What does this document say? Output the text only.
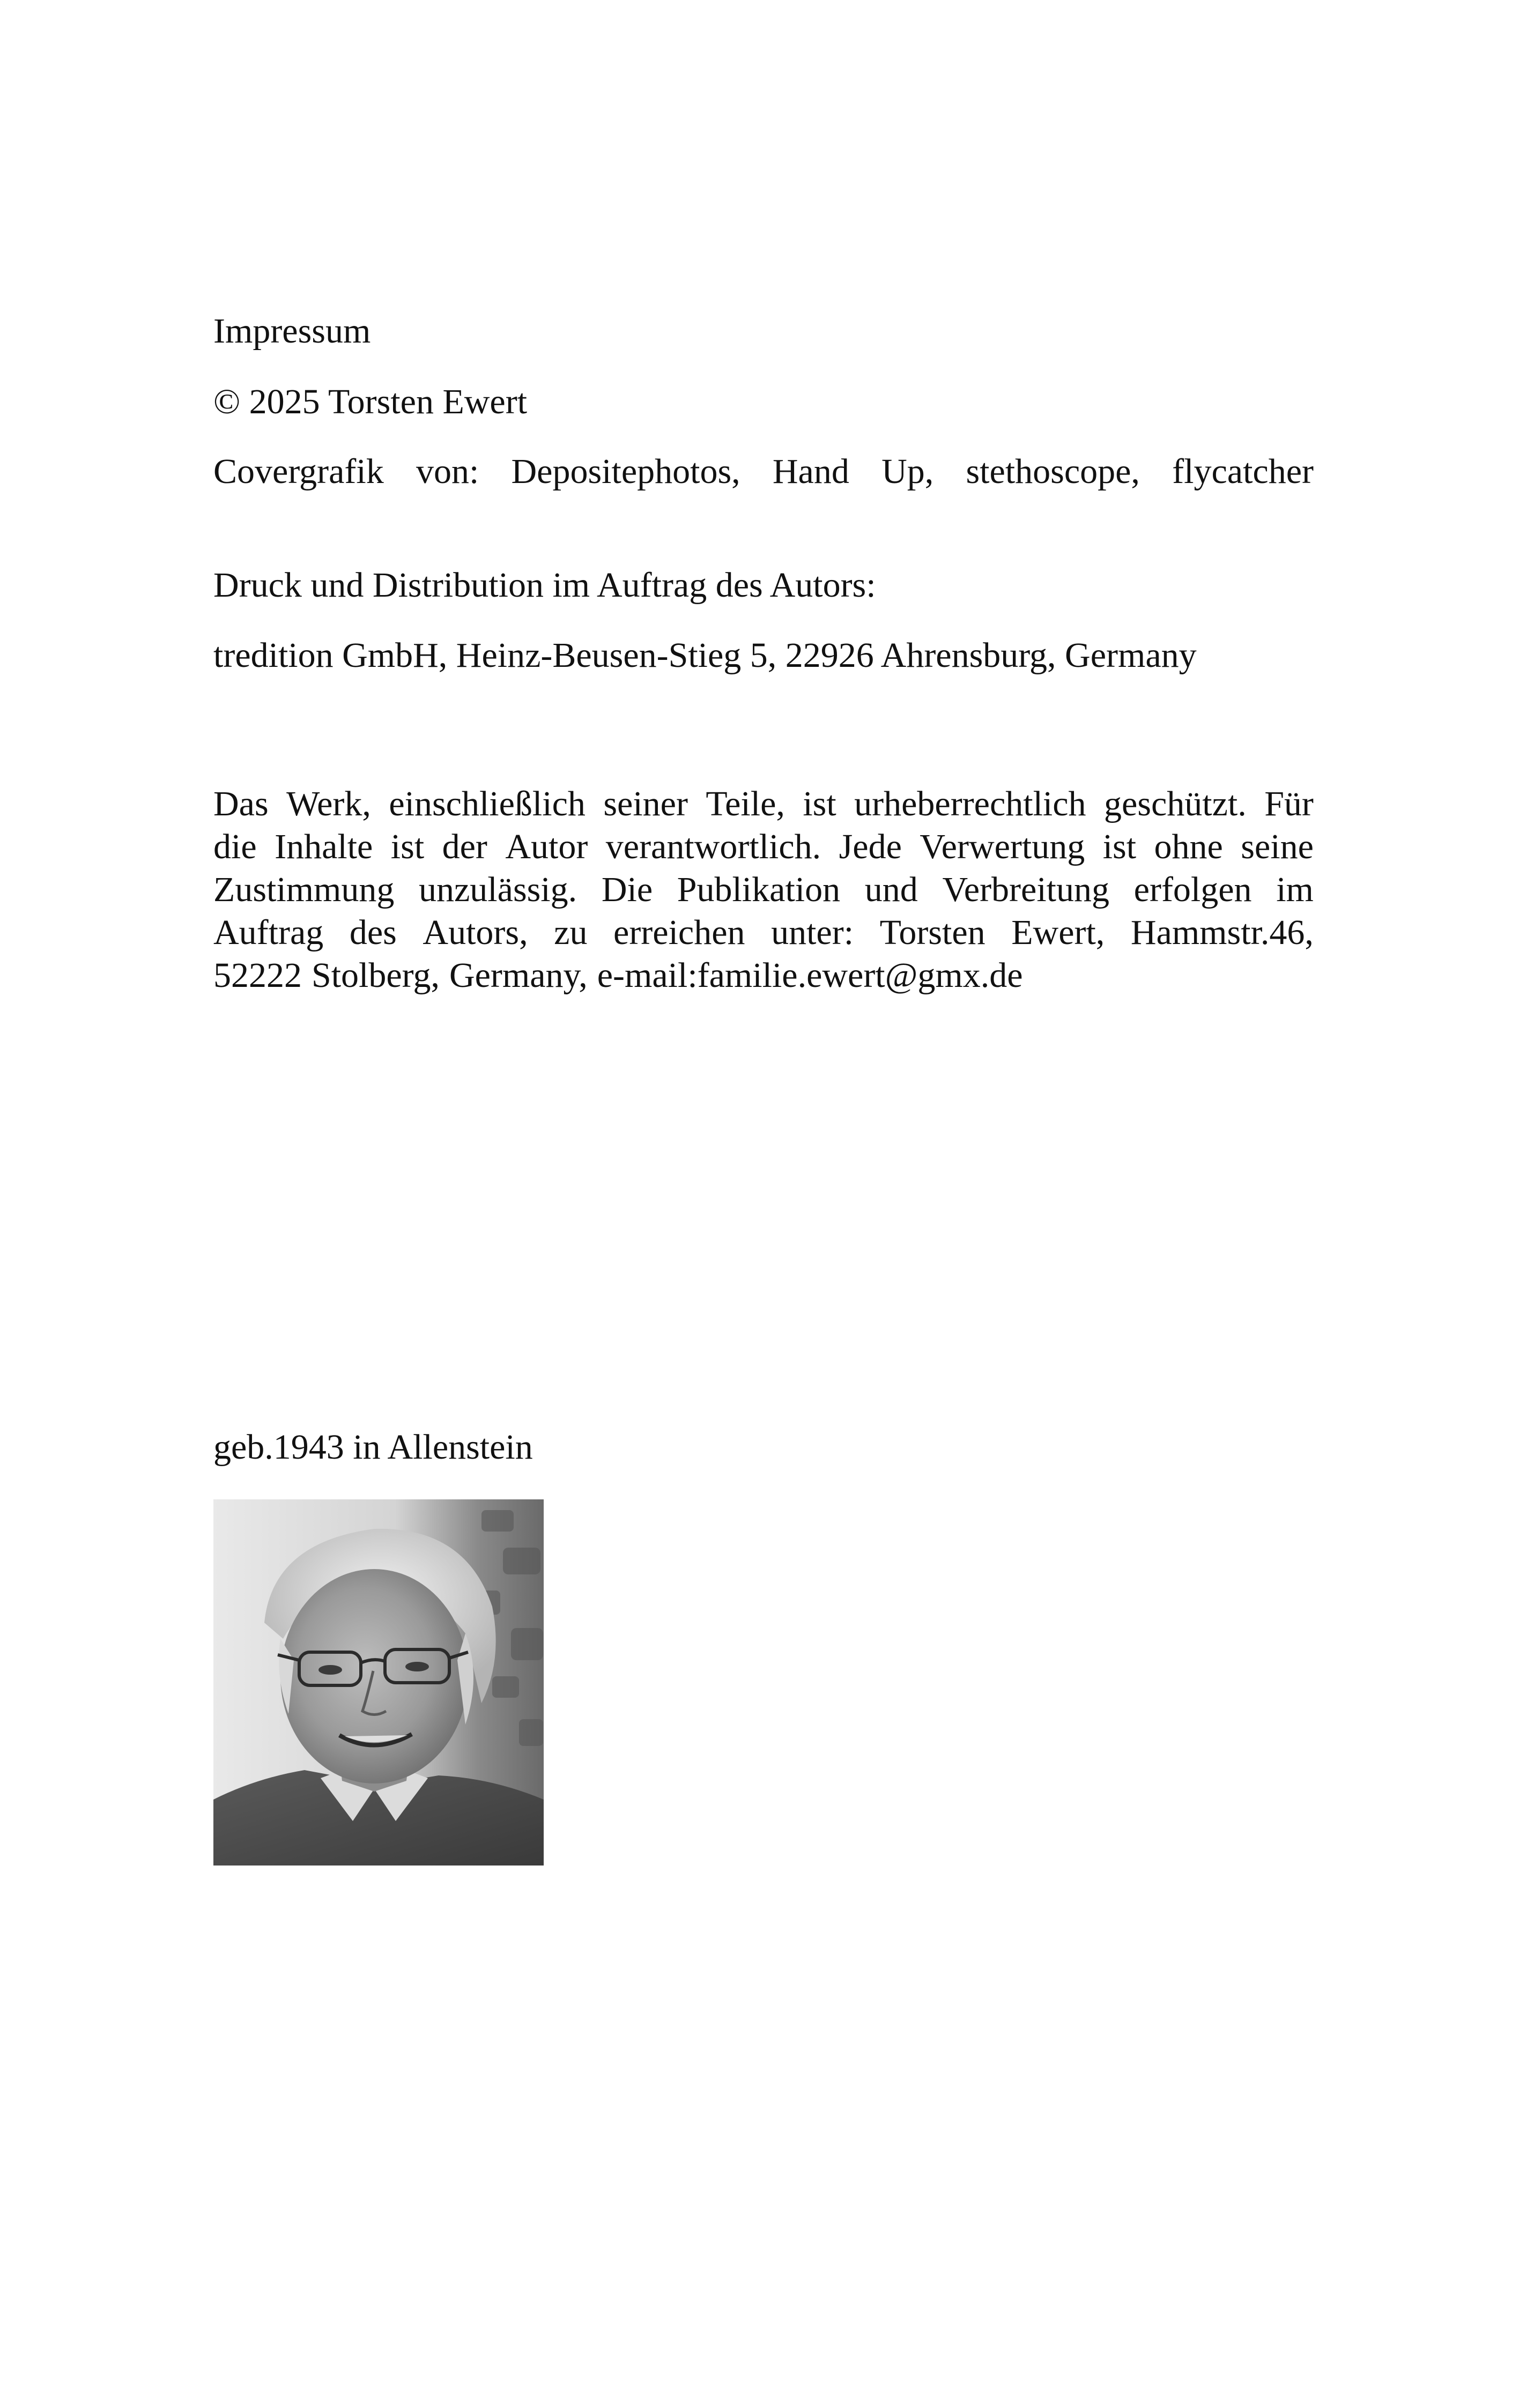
Impressum

© 2025 Torsten Ewert

Covergrafik von: Depositephotos, Hand Up, stethoscope, flycatcher

Druck und Distribution im Auftrag des Autors:

tredition GmbH, Heinz-Beusen-Stieg 5, 22926 Ahrensburg, Germany

Das Werk, einschließlich seiner Teile, ist urheberrechtlich geschützt. Für
die Inhalte ist der Autor verantwortlich. Jede Verwertung ist ohne seine
Zustimmung unzulässig. Die Publikation und Verbreitung erfolgen im
Auftrag des Autors, zu erreichen unter: Torsten Ewert, Hammstr.46,
52222 Stolberg, Germany, e-mail:familie.ewert@gmx.de

geb.1943 in Allenstein
